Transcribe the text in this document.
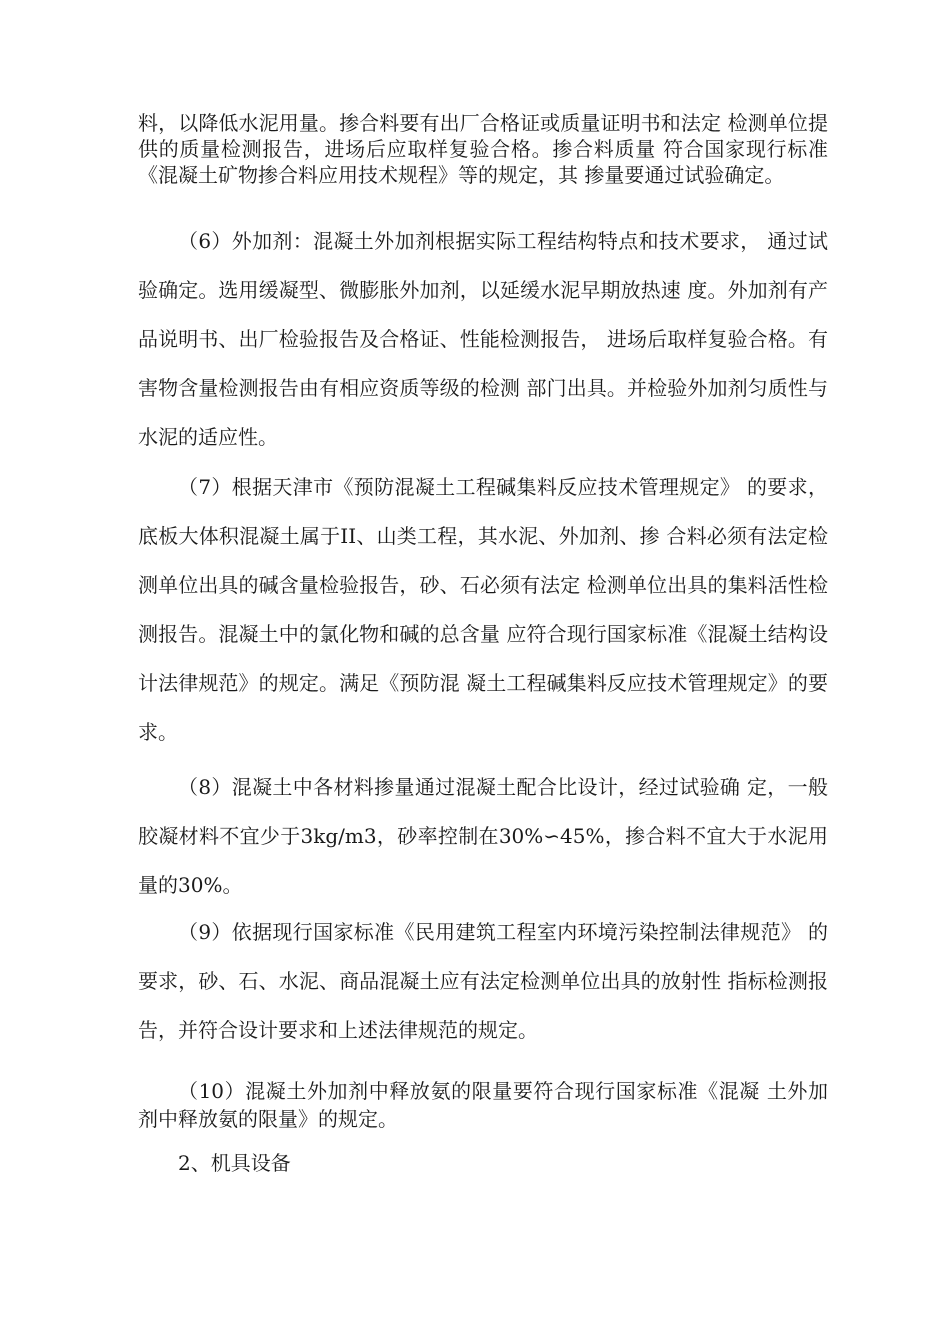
料，以降低水泥用量。掺合料要有出厂合格证或质量证明书和法定 检测单位提供的质量检测报告，进场后应取样复验合格。掺合料质量 符合国家现行标准《混凝土矿物掺合料应用技术规程》等的规定，其 掺量要通过试验确定。

（6）外加剂：混凝土外加剂根据实际工程结构特点和技术要求， 通过试验确定。选用缓凝型、微膨胀外加剂，以延缓水泥早期放热速 度。外加剂有产品说明书、出厂检验报告及合格证、性能检测报告， 进场后取样复验合格。有害物含量检测报告由有相应资质等级的检测 部门出具。并检验外加剂匀质性与水泥的适应性。

（7）根据天津市《预防混凝土工程碱集料反应技术管理规定》 的要求，底板大体积混凝土属于II、山类工程，其水泥、外加剂、掺 合料必须有法定检测单位出具的碱含量检验报告，砂、石必须有法定 检测单位出具的集料活性检测报告。混凝土中的氯化物和碱的总含量 应符合现行国家标准《混凝土结构设计法律规范》的规定。满足《预防混 凝土工程碱集料反应技术管理规定》的要求。

（8）混凝土中各材料掺量通过混凝土配合比设计，经过试验确 定，一般胶凝材料不宜少于3kg/m3，砂率控制在30%∽45%，掺合料不宜大于水泥用量的30%。

（9）依据现行国家标准《民用建筑工程室内环境污染控制法律规范》 的要求，砂、石、水泥、商品混凝土应有法定检测单位出具的放射性 指标检测报告，并符合设计要求和上述法律规范的规定。

（10）混凝土外加剂中释放氨的限量要符合现行国家标准《混凝 土外加剂中释放氨的限量》的规定。

2、机具设备
